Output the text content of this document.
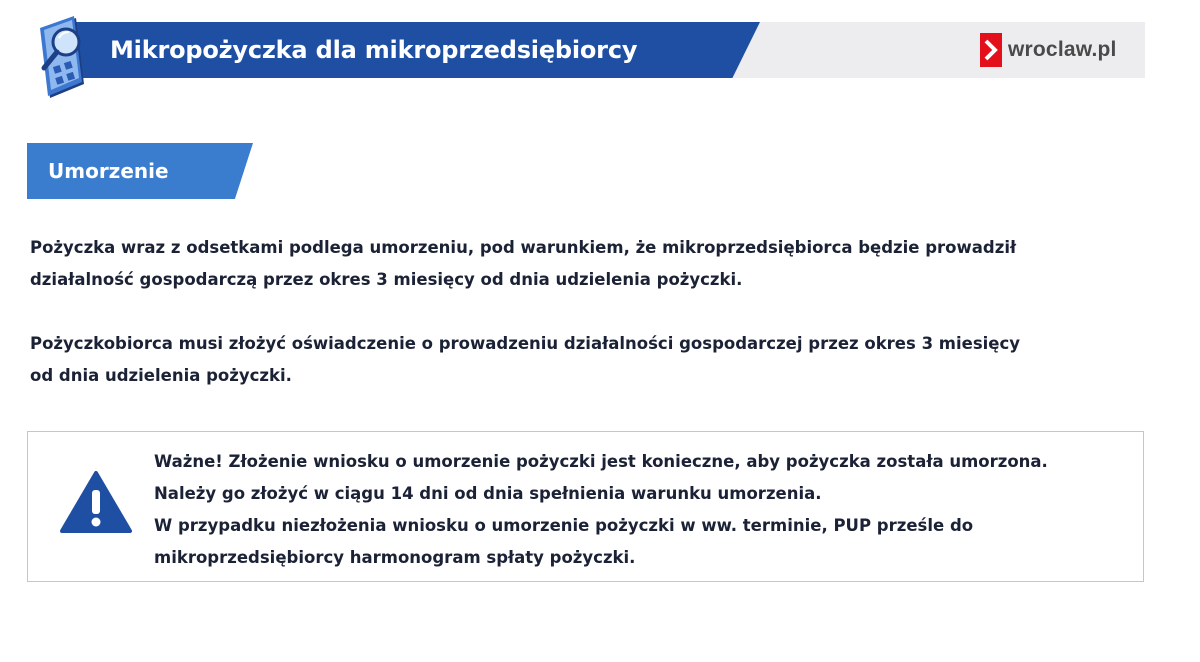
Mikropożyczka dla mikroprzedsiębiorcy	wroclaw.pl
Umorzenie
Pożyczka wraz z odsetkami podlega umorzeniu, pod warunkiem, że mikroprzedsiębiorca będzie prowadził
działalność gospodarczą przez okres 3 miesięcy od dnia udzielenia pożyczki.
Pożyczkobiorca musi złożyć oświadczenie o prowadzeniu działalności gospodarczej przez okres 3 miesięcy
od dnia udzielenia pożyczki.
Ważne! Złożenie wniosku o umorzenie pożyczki jest konieczne, aby pożyczka została umorzona.
Należy go złożyć w ciągu 14 dni od dnia spełnienia warunku umorzenia.
W przypadku niezłożenia wniosku o umorzenie pożyczki w ww. terminie, PUP prześle do
mikroprzedsiębiorcy harmonogram spłaty pożyczki.
